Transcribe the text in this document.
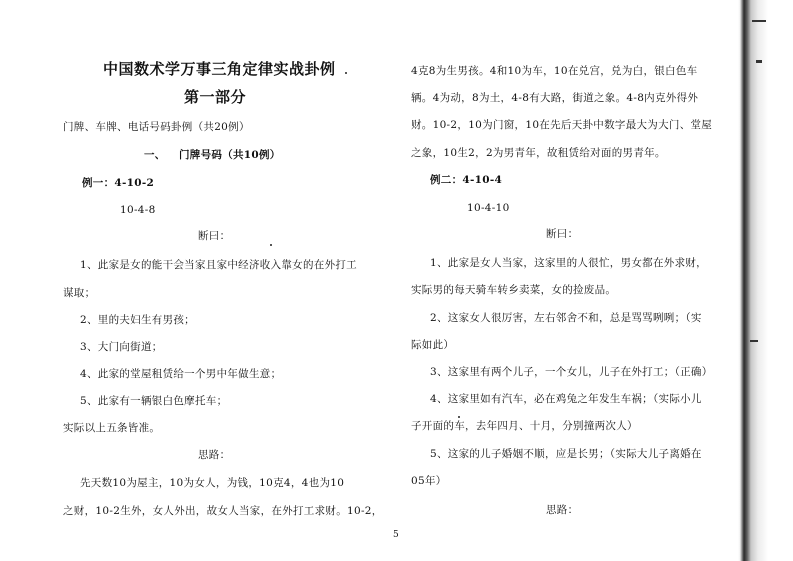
中国数术学万事三角定律实战卦例
第一部分
门牌、车牌、电话号码卦例（共20例）
一、 门牌号码（共10例）
例一：4-10-2
10-4-8
断曰：
1、此家是女的能干会当家且家中经济收入靠女的在外打工
谋取；
2、里的夫妇生有男孩；
3、大门向街道；
4、此家的堂屋租赁给一个男中年做生意；
5、此家有一辆银白色摩托车；
实际以上五条皆准。
思路：
先天数10为屋主，10为女人，为钱，10克4，4也为10
之财，10-2生外，女人外出，故女人当家，在外打工求财。10-2，
4克8为生男孩。4和10为车，10在兑宫，兑为白，银白色车
辆。4为动，8为土，4-8有大路，街道之象。4-8内克外得外
财。10-2，10为门窗，10在先后天卦中数字最大为大门、堂屋
之象，10生2，2为男青年，故租赁给对面的男青年。
例二：4-10-4
10-4-10
断曰：
1、此家是女人当家，这家里的人很忙，男女都在外求财，
实际男的每天骑车转乡卖菜，女的捡废品。
2、这家女人很厉害，左右邻舍不和，总是骂骂咧咧；（实
际如此）
3、这家里有两个儿子，一个女儿，儿子在外打工；（正确）
4、这家里如有汽车，必在鸡兔之年发生车祸；（实际小儿
子开面的车，去年四月、十月，分别撞两次人）
5、这家的儿子婚姻不顺，应是长男；（实际大儿子离婚在
05年）
思路：
5
